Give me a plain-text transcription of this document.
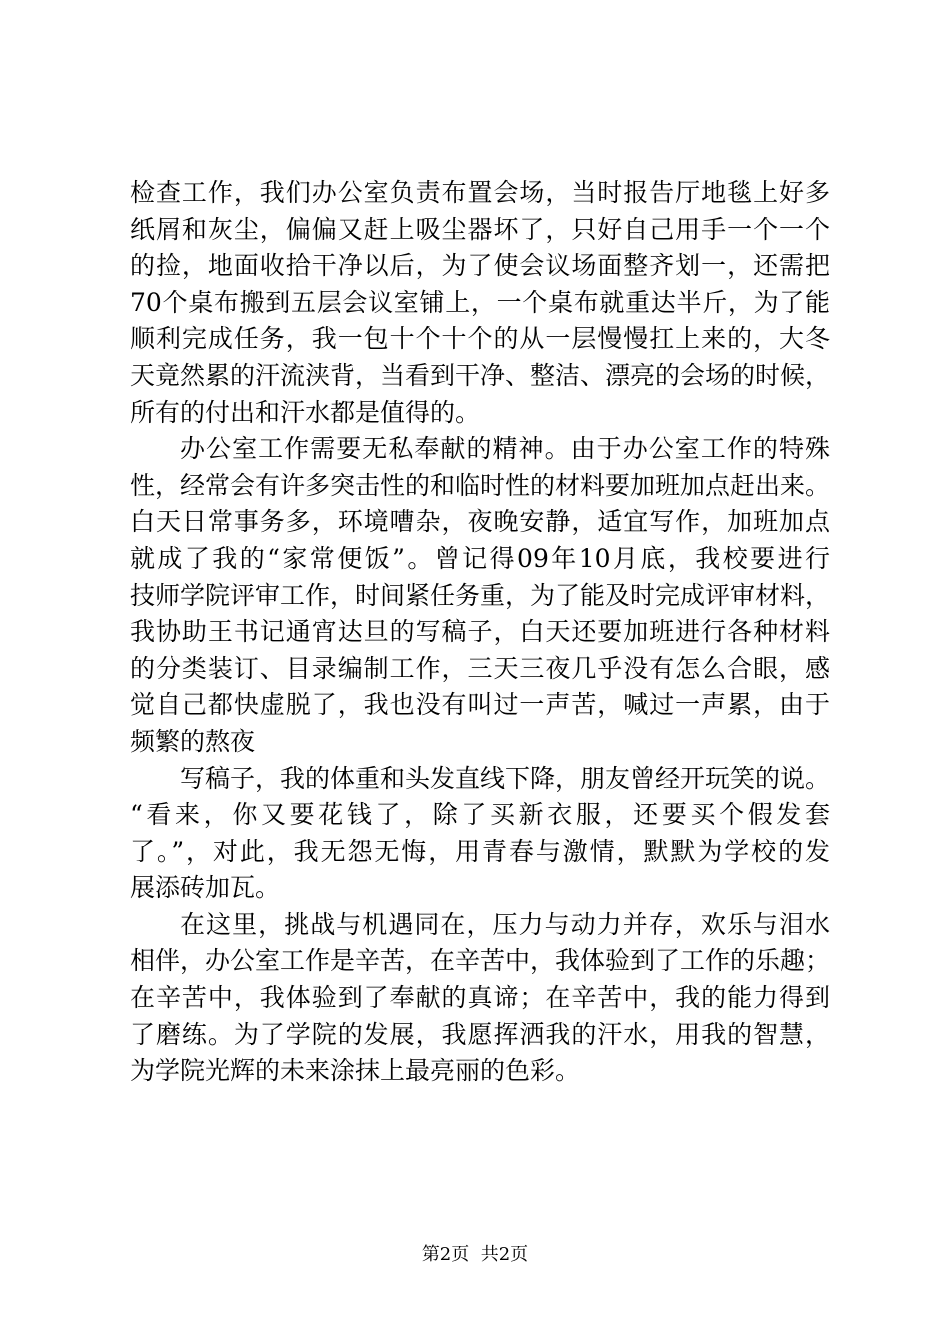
检查工作，我们办公室负责布置会场，当时报告厅地毯上好多
纸屑和灰尘，偏偏又赶上吸尘器坏了，只好自己用手一个一个
的捡，地面收拾干净以后，为了使会议场面整齐划一，还需把
70个桌布搬到五层会议室铺上，一个桌布就重达半斤，为了能
顺利完成任务，我一包十个十个的从一层慢慢扛上来的，大冬
天竟然累的汗流浃背，当看到干净、整洁、漂亮的会场的时候，
所有的付出和汗水都是值得的。
办公室工作需要无私奉献的精神。由于办公室工作的特殊
性，经常会有许多突击性的和临时性的材料要加班加点赶出来。
白天日常事务多，环境嘈杂，夜晚安静，适宜写作，加班加点
就成了我的“家常便饭”。曾记得09年10月底，我校要进行
技师学院评审工作，时间紧任务重，为了能及时完成评审材料，
我协助王书记通宵达旦的写稿子，白天还要加班进行各种材料
的分类装订、目录编制工作，三天三夜几乎没有怎么合眼，感
觉自己都快虚脱了，我也没有叫过一声苦，喊过一声累，由于
频繁的熬夜
写稿子，我的体重和头发直线下降，朋友曾经开玩笑的说。
“看来，你又要花钱了，除了买新衣服，还要买个假发套
了。”，对此，我无怨无悔，用青春与激情，默默为学校的发
展添砖加瓦。
在这里，挑战与机遇同在，压力与动力并存，欢乐与泪水
相伴，办公室工作是辛苦，在辛苦中，我体验到了工作的乐趣；
在辛苦中，我体验到了奉献的真谛；在辛苦中，我的能力得到
了磨练。为了学院的发展，我愿挥洒我的汗水，用我的智慧，
为学院光辉的未来涂抹上最亮丽的色彩。
第2页  共2页
